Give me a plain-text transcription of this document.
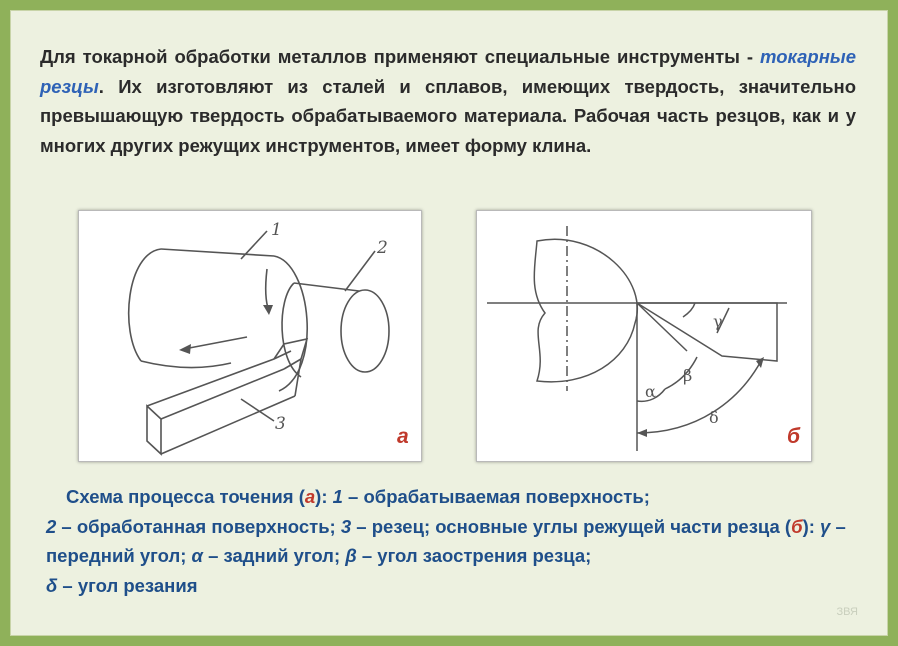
Для токарной обработки металлов применяют специальные инструменты - токарные резцы. Их изготовляют из сталей и сплавов, имеющих твердость, значительно превышающую твердость обрабатываемого материала. Рабочая часть резцов, как и у многих других режущих инструментов, имеет форму клина.
1
2
3
а
γ
β
α
δ
б
Схема процесса точения (а): 1 – обрабатываемая поверхность;
2 – обработанная поверхность; 3 – резец; основные углы режущей части резца (б): γ – передний угол; α – задний угол; β – угол заострения резца;
δ – угол резания
ЗВЯ
